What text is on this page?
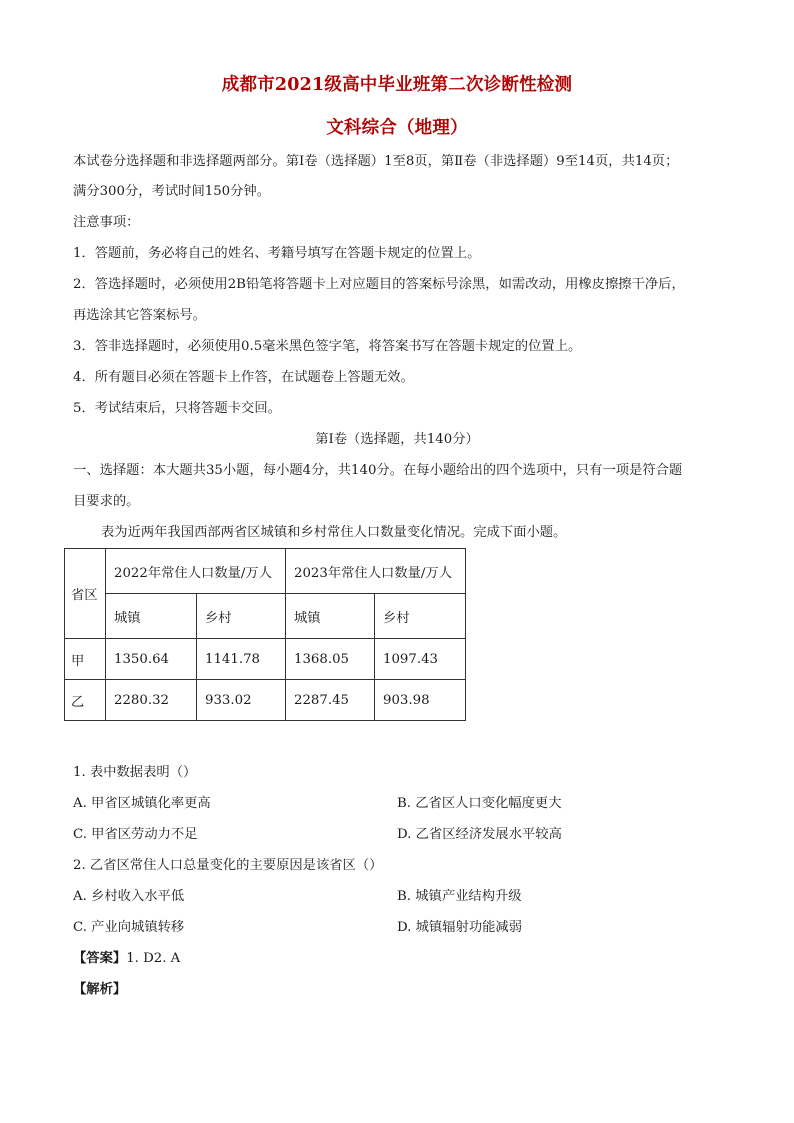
成都市2021级高中毕业班第二次诊断性检测
文科综合（地理）
本试卷分选择题和非选择题两部分。第Ⅰ卷（选择题）1至8页，第Ⅱ卷（非选择题）9至14页，共14页；
满分300分，考试时间150分钟。
注意事项：
1．答题前，务必将自己的姓名、考籍号填写在答题卡规定的位置上。
2．答选择题时，必须使用2B铅笔将答题卡上对应题目的答案标号涂黑，如需改动，用橡皮擦擦干净后，
再选涂其它答案标号。
3．答非选择题时，必须使用0.5毫米黑色签字笔，将答案书写在答题卡规定的位置上。
4．所有题目必须在答题卡上作答，在试题卷上答题无效。
5．考试结束后，只将答题卡交回。
第Ⅰ卷（选择题，共140分）
一、选择题：本大题共35小题，每小题4分，共140分。在每小题给出的四个选项中，只有一项是符合题
目要求的。
表为近两年我国西部两省区城镇和乡村常住人口数量变化情况。完成下面小题。
省区	2022年常住人口数量/万人		2023年常住人口数量/万人	
	城镇	乡村	城镇	乡村
甲	1350.64	1141.78	1368.05	1097.43
乙	2280.32	933.02	2287.45	903.98
1. 表中数据表明（）
A. 甲省区城镇化率更高	B. 乙省区人口变化幅度更大
C. 甲省区劳动力不足	D. 乙省区经济发展水平较高
2. 乙省区常住人口总量变化的主要原因是该省区（）
A. 乡村收入水平低	B. 城镇产业结构升级
C. 产业向城镇转移	D. 城镇辐射功能减弱
【答案】1. D2. A
【解析】
